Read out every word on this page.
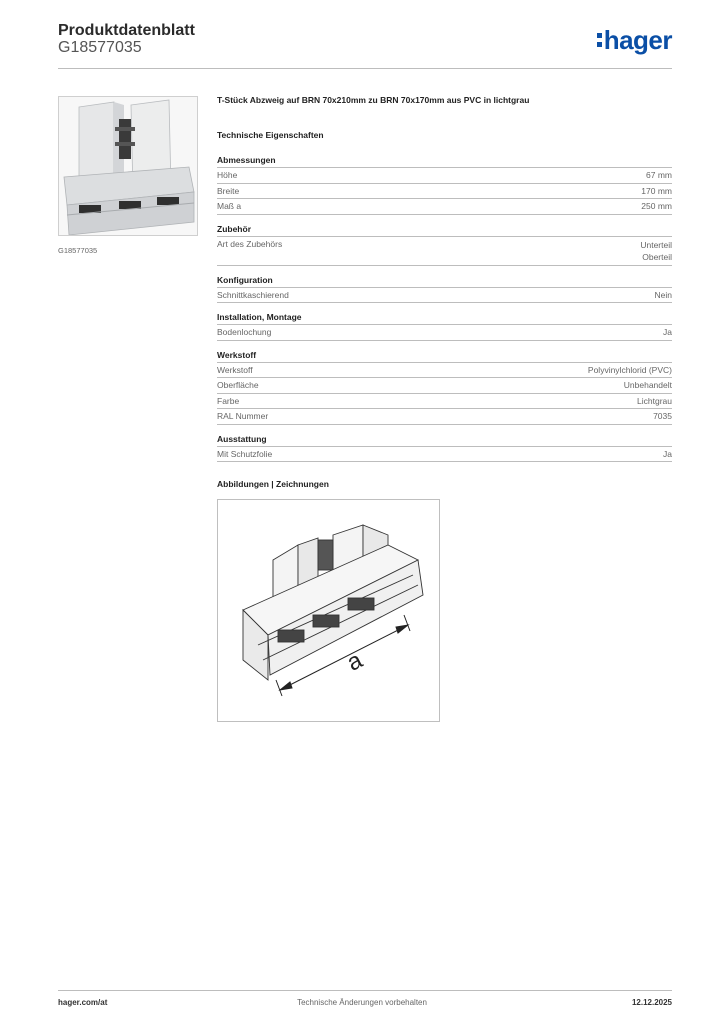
Produktdatenblatt
G18577035	hager
G18577035
T-Stück Abzweig auf BRN 70x210mm zu BRN 70x170mm aus PVC in lichtgrau
Technische Eigenschaften
Abmessungen
Höhe	67 mm
Breite	170 mm
Maß a	250 mm
Zubehör
Art des Zubehörs	Unterteil
Oberteil
Konfiguration
Schnittkaschierend	Nein
Installation, Montage
Bodenlochung	Ja
Werkstoff
Werkstoff	Polyvinylchlorid (PVC)
Oberfläche	Unbehandelt
Farbe	Lichtgrau
RAL Nummer	7035
Ausstattung
Mit Schutzfolie	Ja
Abbildungen | Zeichnungen
a
hager.com/at	Technische Änderungen vorbehalten	12.12.2025
